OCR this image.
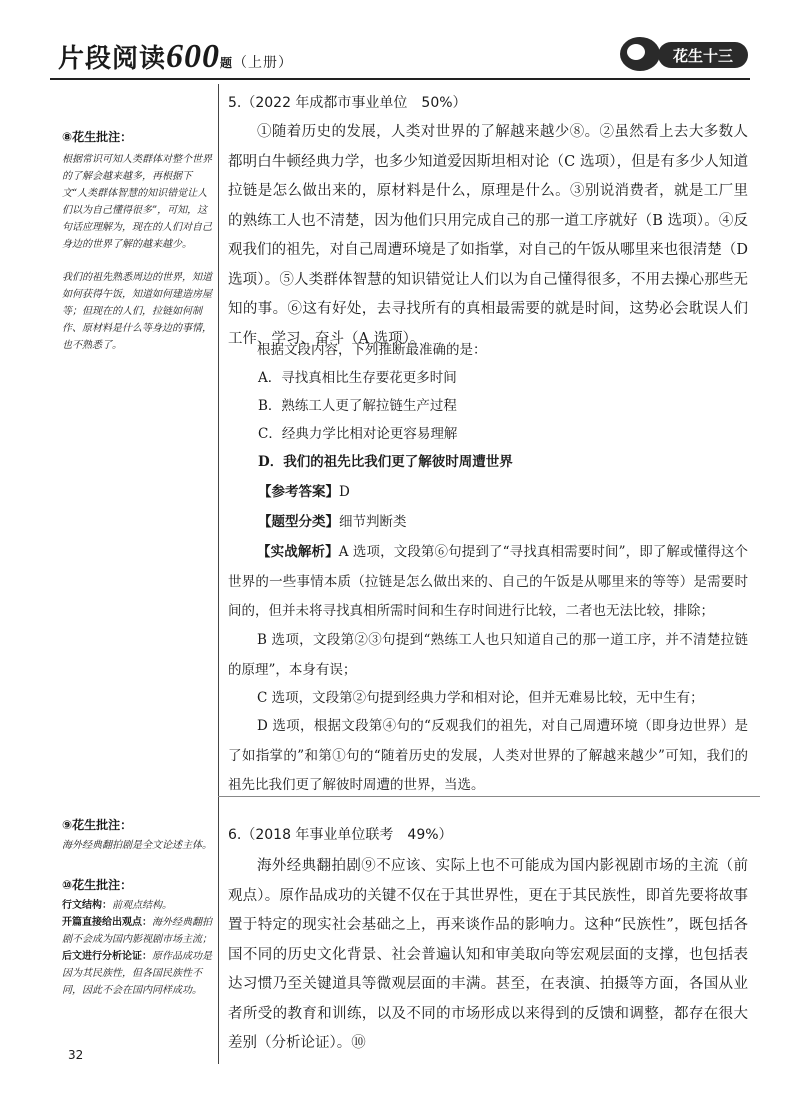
片段阅读600题（上册）	花生十三
⑧花生批注：
根据常识可知人类群体对整个世界的了解会越来越多，再根据下文“人类群体智慧的知识错觉让人们以为自己懂得很多”，可知，这句话应理解为，现在的人们对自己身边的世界了解的越来越少。
我们的祖先熟悉周边的世界，知道如何获得午饭，知道如何建造房屋等；但现在的人们，拉链如何制作、原材料是什么等身边的事情，也不熟悉了。
⑨花生批注：
海外经典翻拍剧是全文论述主体。
⑩花生批注：
行文结构：前观点结构。
开篇直接给出观点：海外经典翻拍剧不会成为国内影视剧市场主流；
后文进行分析论证：原作品成功是因为其民族性，但各国民族性不同，因此不会在国内同样成功。
5.（2022 年成都市事业单位　50%）
①随着历史的发展，人类对世界的了解越来越少⑧。②虽然看上去大多数人都明白牛顿经典力学，也多少知道爱因斯坦相对论（C 选项），但是有多少人知道拉链是怎么做出来的，原材料是什么，原理是什么。③别说消费者，就是工厂里的熟练工人也不清楚，因为他们只用完成自己的那一道工序就好（B 选项）。④反观我们的祖先，对自己周遭环境是了如指掌，对自己的午饭从哪里来也很清楚（D 选项）。⑤人类群体智慧的知识错觉让人们以为自己懂得很多，不用去操心那些无知的事。⑥这有好处，去寻找所有的真相最需要的就是时间，这势必会耽误人们工作、学习、奋斗（A 选项）。
根据文段内容，下列推断最准确的是：
A．寻找真相比生存要花更多时间
B．熟练工人更了解拉链生产过程
C．经典力学比相对论更容易理解
D．我们的祖先比我们更了解彼时周遭世界
【参考答案】D
【题型分类】细节判断类
【实战解析】A 选项，文段第⑥句提到了“寻找真相需要时间”，即了解或懂得这个世界的一些事情本质（拉链是怎么做出来的、自己的午饭是从哪里来的等等）是需要时间的，但并未将寻找真相所需时间和生存时间进行比较，二者也无法比较，排除；
B 选项，文段第②③句提到“熟练工人也只知道自己的那一道工序，并不清楚拉链的原理”，本身有误；
C 选项，文段第②句提到经典力学和相对论，但并无难易比较，无中生有；
D 选项，根据文段第④句的“反观我们的祖先，对自己周遭环境（即身边世界）是了如指掌的”和第①句的“随着历史的发展，人类对世界的了解越来越少”可知，我们的祖先比我们更了解彼时周遭的世界，当选。
6.（2018 年事业单位联考　49%）
海外经典翻拍剧⑨不应该、实际上也不可能成为国内影视剧市场的主流（前观点）。原作品成功的关键不仅在于其世界性，更在于其民族性，即首先要将故事置于特定的现实社会基础之上，再来谈作品的影响力。这种“民族性”，既包括各国不同的历史文化背景、社会普遍认知和审美取向等宏观层面的支撑，也包括表达习惯乃至关键道具等微观层面的丰满。甚至，在表演、拍摄等方面，各国从业者所受的教育和训练，以及不同的市场形成以来得到的反馈和调整，都存在很大差别（分析论证）。⑩
32
